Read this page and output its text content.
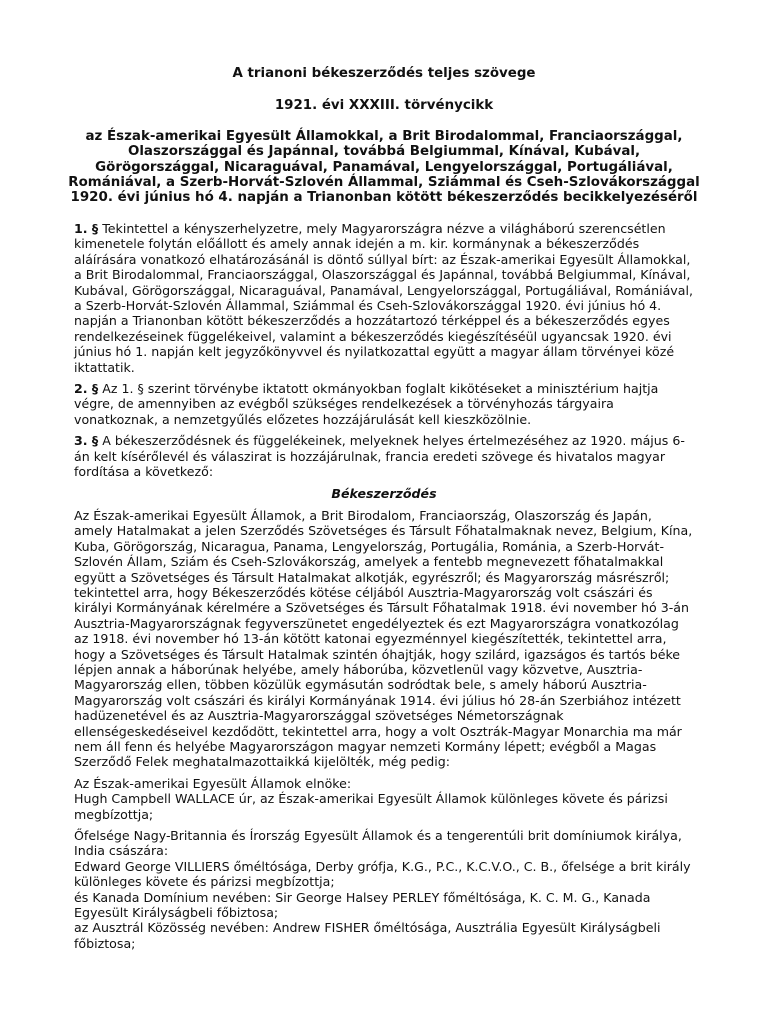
A trianoni békeszerződés teljes szövege
1921. évi XXXIII. törvénycikk
az Észak-amerikai Egyesült Államokkal, a Brit Birodalommal, Franciaországgal, Olaszországgal és Japánnal, továbbá Belgiummal, Kínával, Kubával, Görögországgal, Nicaraguával, Panamával, Lengyelországgal, Portugáliával, Romániával, a Szerb-Horvát-Szlovén Állammal, Sziámmal és Cseh-Szlovákországgal 1920. évi június hó 4. napján a Trianonban kötött békeszerződés becikkelyezéséről

1. § Tekintettel a kényszerhelyzetre, mely Magyarországra nézve a világháború szerencsétlen kimenetele folytán előállott és amely annak idején a m. kir. kormánynak a békeszerződés aláírására vonatkozó elhatározásánál is döntő súllyal bírt: az Észak-amerikai Egyesült Államokkal, a Brit Birodalommal, Franciaországgal, Olaszországgal és Japánnal, továbbá Belgiummal, Kínával, Kubával, Görögországgal, Nicaraguával, Panamával, Lengyelországgal, Portugáliával, Romániával, a Szerb-Horvát-Szlovén Állammal, Sziámmal és Cseh-Szlovákországgal 1920. évi június hó 4. napján a Trianonban kötött békeszerződés a hozzátartozó térképpel és a békeszerződés egyes rendelkezéseinek függelékeivel, valamint a békeszerződés kiegészítéséül ugyancsak 1920. évi június hó 1. napján kelt jegyzőkönyvvel és nyilatkozattal együtt a magyar állam törvényei közé iktattatik.

2. § Az 1. § szerint törvénybe iktatott okmányokban foglalt kikötéseket a minisztérium hajtja végre, de amennyiben az evégből szükséges rendelkezések a törvényhozás tárgyaira vonatkoznak, a nemzetgyűlés előzetes hozzájárulását kell kieszközölnie.

3. § A békeszerződésnek és függelékeinek, melyeknek helyes értelmezéséhez az 1920. május 6-án kelt kísérőlevél és válaszirat is hozzájárulnak, francia eredeti szövege és hivatalos magyar fordítása a következő:

Békeszerződés

Az Észak-amerikai Egyesült Államok, a Brit Birodalom, Franciaország, Olaszország és Japán, amely Hatalmakat a jelen Szerződés Szövetséges és Társult Főhatalmaknak nevez, Belgium, Kína, Kuba, Görögország, Nicaragua, Panama, Lengyelország, Portugália, Románia, a Szerb-Horvát-Szlovén Állam, Sziám és Cseh-Szlovákország, amelyek a fentebb megnevezett főhatalmakkal együtt a Szövetséges és Társult Hatalmakat alkotják, egyrészről; és Magyarország másrészről; tekintettel arra, hogy Békeszerződés kötése céljából Ausztria-Magyarország volt császári és királyi Kormányának kérelmére a Szövetséges és Társult Főhatalmak 1918. évi november hó 3-án Ausztria-Magyarországnak fegyverszünetet engedélyeztek és ezt Magyarországra vonatkozólag az 1918. évi november hó 13-án kötött katonai egyezménnyel kiegészítették, tekintettel arra, hogy a Szövetséges és Társult Hatalmak szintén óhajtják, hogy szilárd, igazságos és tartós béke lépjen annak a háborúnak helyébe, amely háborúba, közvetlenül vagy közvetve, Ausztria-Magyarország ellen, többen közülük egymásután sodródtak bele, s amely háború Ausztria-Magyarország volt császári és királyi Kormányának 1914. évi július hó 28-án Szerbiához intézett hadüzenetével és az Ausztria-Magyarországgal szövetséges Németországnak ellenségeskedéseivel kezdődött, tekintettel arra, hogy a volt Osztrák-Magyar Monarchia ma már nem áll fenn és helyébe Magyarországon magyar nemzeti Kormány lépett; evégből a Magas Szerződő Felek meghatalmazottaikká kijelölték, még pedig:

Az Észak-amerikai Egyesült Államok elnöke:

Hugh Campbell WALLACE úr, az Észak-amerikai Egyesült Államok különleges követe és párizsi megbízottja;

Őfelsége Nagy-Britannia és Írország Egyesült Államok és a tengerentúli brit domíniumok királya, India császára:

Edward George VILLIERS őméltósága, Derby grófja, K.G., P.C., K.C.V.O., C. B., őfelsége a brit király különleges követe és párizsi megbízottja;

és Kanada Domínium nevében: Sir George Halsey PERLEY főméltósága, K. C. M. G., Kanada Egyesült Királyságbeli főbiztosa;

az Ausztrál Közösség nevében: Andrew FISHER őméltósága, Ausztrália Egyesült Királyságbeli főbiztosa;
